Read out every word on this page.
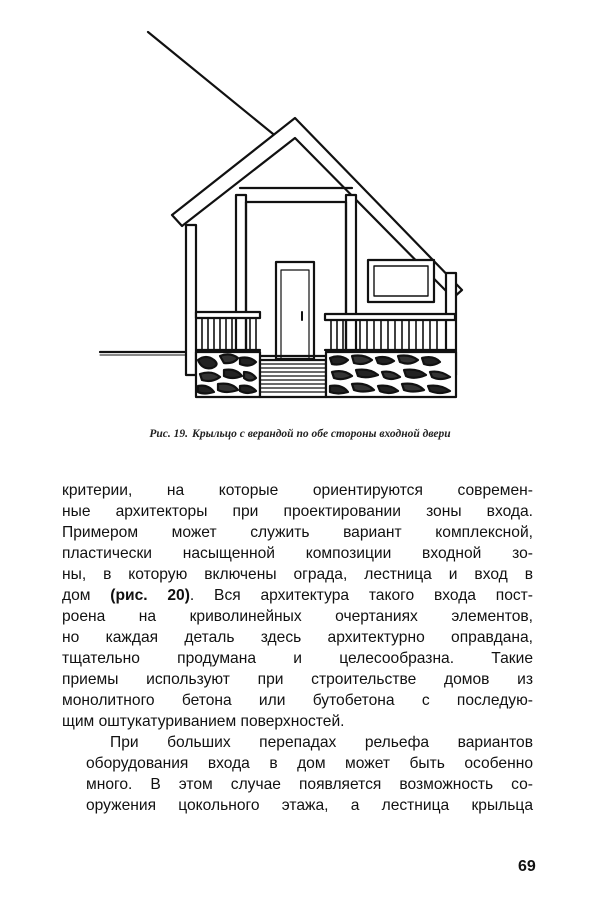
Рис. 19. Крыльцо с верандой по обе стороны входной двери

критерии, на которые ориентируются современ-
ные архитекторы при проектировании зоны входа.
Примером может служить вариант комплексной,
пластически насыщенной композиции входной зо-
ны, в которую включены ограда, лестница и вход в
дом (рис. 20). Вся архитектура такого входа пост-
роена на криволинейных очертаниях элементов,
но каждая деталь здесь архитектурно оправдана,
тщательно продумана и целесообразна. Такие
приемы используют при строительстве домов из
монолитного бетона или бутобетона с последую-
щим оштукатуриванием поверхностей.

При больших перепадах рельефа вариантов
оборудования входа в дом может быть особенно
много. В этом случае появляется возможность со-
оружения цокольного этажа, а лестница крыльца

69
